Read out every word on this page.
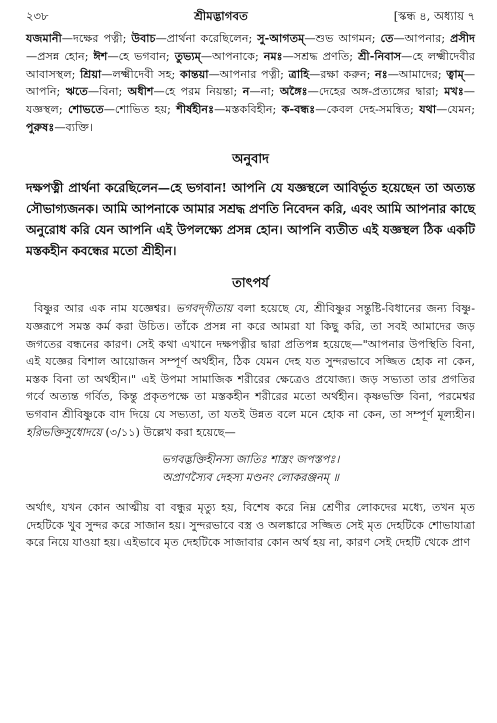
২৩৮	শ্রীমদ্ভাগবত	[স্কন্ধ ৪, অধ্যায় ৭
যজমানী—দক্ষের পত্নী; উবাচ—প্রার্থনা করেছিলেন; সু-আগতম্—শুভ আগমন; তে—আপনার; প্রসীদ—প্রসন্ন হোন; ঈশ—হে ভগবান; তুভ্যম্—আপনাকে; নমঃ—সশ্রদ্ধ প্রণতি; শ্রী-নিবাস—হে লক্ষ্মীদেবীর আবাসস্থল; শ্রিয়া—লক্ষ্মীদেবী সহ; কান্তয়া—আপনার পত্নী; ত্রাহি—রক্ষা করুন; নঃ—আমাদের; ত্বাম্—আপনি; ঋতে—বিনা; অধীশ—হে পরম নিয়ন্তা; ন—না; অঙ্গৈঃ—দেহের অঙ্গ-প্রত্যঙ্গের দ্বারা; মখঃ—যজ্ঞস্থল; শোভতে—শোভিত হয়; শীর্ষহীনঃ—মস্তকবিহীন; ক-বন্ধঃ—কেবল দেহ-সমন্বিত; যথা—যেমন; পুরুষঃ—ব্যক্তি।
অনুবাদ
দক্ষপত্নী প্রার্থনা করেছিলেন—হে ভগবান! আপনি যে যজ্ঞস্থলে আবির্ভূত হয়েছেন তা অত্যন্ত সৌভাগ্যজনক। আমি আপনাকে আমার সশ্রদ্ধ প্রণতি নিবেদন করি, এবং আমি আপনার কাছে অনুরোধ করি যেন আপনি এই উপলক্ষ্যে প্রসন্ন হোন। আপনি ব্যতীত এই যজ্ঞস্থল ঠিক একটি মস্তকহীন কবন্ধের মতো শ্রীহীন।
তাৎপর্য

বিষ্ণুর আর এক নাম যজ্ঞেশ্বর। ভগবদ্‌গীতায় বলা হয়েছে যে, শ্রীবিষ্ণুর সন্তুষ্টি-বিধানের জন্য বিষ্ণু-যজ্ঞরূপে সমস্ত কর্ম করা উচিত। তাঁকে প্রসন্ন না করে আমরা যা কিছু করি, তা সবই আমাদের জড় জগতের বন্ধনের কারণ। সেই কথা এখানে দক্ষপত্নীর দ্বারা প্রতিপন্ন হয়েছে—"আপনার উপস্থিতি বিনা, এই যজ্ঞের বিশাল আয়োজন সম্পূর্ণ অর্থহীন, ঠিক যেমন দেহ যত সুন্দরভাবে সজ্জিত হোক না কেন, মস্তক বিনা তা অর্থহীন।" এই উপমা সামাজিক শরীরের ক্ষেত্রেও প্রযোজ্য। জড় সভ্যতা তার প্রগতির গর্বে অত্যন্ত গর্বিত, কিন্তু প্রকৃতপক্ষে তা মস্তকহীন শরীরের মতো অর্থহীন। কৃষ্ণভক্তি বিনা, পরমেশ্বর ভগবান শ্রীবিষ্ণুকে বাদ দিয়ে যে সভ্যতা, তা যতই উন্নত বলে মনে হোক না কেন, তা সম্পূর্ণ মূল্যহীন। হরিভক্তিসুধোদয়ে (৩/১১) উল্লেখ করা হয়েছে—

ভগবদ্ভক্তিহীনস্য জাতিঃ শাস্ত্রং জপস্তপঃ।
অপ্রাণস্যৈব দেহস্য মণ্ডনং লোকরঞ্জনম্ ॥

অর্থাৎ, যখন কোন আত্মীয় বা বন্ধুর মৃত্যু হয়, বিশেষ করে নিম্ন শ্রেণীর লোকদের মধ্যে, তখন মৃত দেহটিকে খুব সুন্দর করে সাজান হয়। সুন্দরভাবে বস্ত্র ও অলঙ্কারে সজ্জিত সেই মৃত দেহটিকে শোভাযাত্রা করে নিয়ে যাওয়া হয়। এইভাবে মৃত দেহটিকে সাজাবার কোন অর্থ হয় না, কারণ সেই দেহটি থেকে প্রাণ
